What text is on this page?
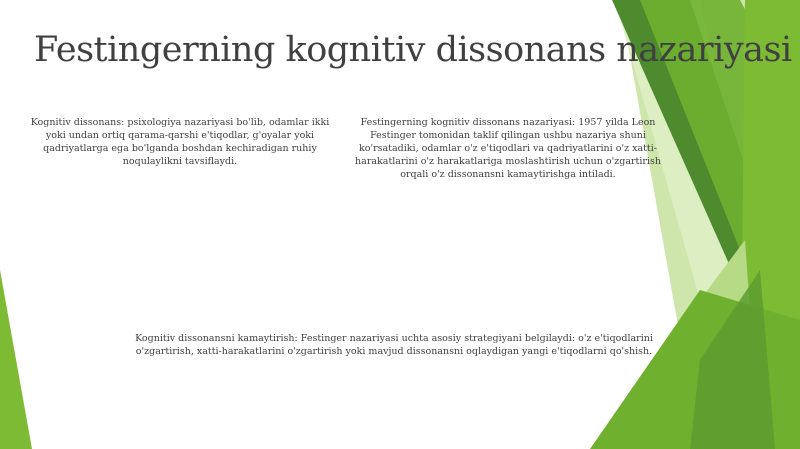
Festingerning kognitiv dissonans nazariyasi

Kognitiv dissonans: psixologiya nazariyasi bo'lib, odamlar ikki yoki undan ortiq qarama-qarshi e'tiqodlar, g'oyalar yoki qadriyatlarga ega bo'lganda boshdan kechiradigan ruhiy noqulaylikni tavsiflaydi.

Festingerning kognitiv dissonans nazariyasi: 1957 yilda Leon Festinger tomonidan taklif qilingan ushbu nazariya shuni ko'rsatadiki, odamlar o'z e'tiqodlari va qadriyatlarini o'z xatti-harakatlarini o'z harakatlariga moslashtirish uchun o'zgartirish orqali o'z dissonansni kamaytirishga intiladi.

Kognitiv dissonansni kamaytirish: Festinger nazariyasi uchta asosiy strategiyani belgilaydi: o'z e'tiqodlarini o'zgartirish, xatti-harakatlarini o'zgartirish yoki mavjud dissonansni oqlaydigan yangi e'tiqodlarni qo'shish.
